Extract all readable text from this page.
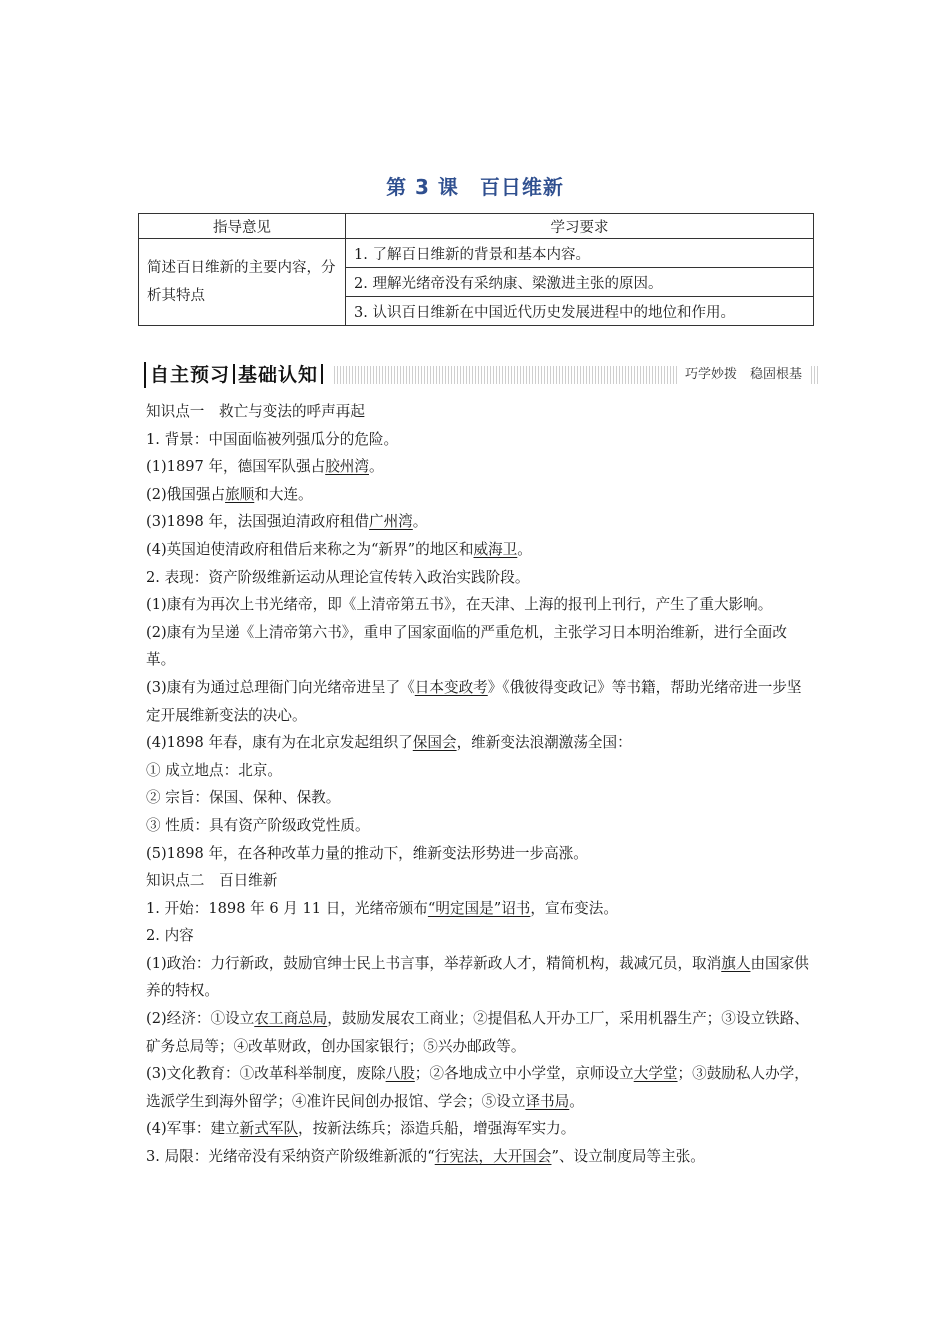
第 3 课　百日维新
指导意见	学习要求
简述百日维新的主要内容，分析其特点	1. 了解百日维新的背景和基本内容。
	2. 理解光绪帝没有采纳康、梁激进主张的原因。
	3. 认识百日维新在中国近代历史发展进程中的地位和作用。
自主预习 基础认知	巧学妙拨　稳固根基

知识点一　救亡与变法的呼声再起

1. 背景：中国面临被列强瓜分的危险。

(1)1897 年，德国军队强占胶州湾。

(2)俄国强占旅顺和大连。

(3)1898 年，法国强迫清政府租借广州湾。

(4)英国迫使清政府租借后来称之为“新界”的地区和威海卫。

2. 表现：资产阶级维新运动从理论宣传转入政治实践阶段。

(1)康有为再次上书光绪帝，即《上清帝第五书》，在天津、上海的报刊上刊行，产生了重大影响。

(2)康有为呈递《上清帝第六书》，重申了国家面临的严重危机，主张学习日本明治维新，进行全面改革。

(3)康有为通过总理衙门向光绪帝进呈了《日本变政考》《俄彼得变政记》等书籍，帮助光绪帝进一步坚定开展维新变法的决心。

(4)1898 年春，康有为在北京发起组织了保国会，维新变法浪潮激荡全国：

① 成立地点：北京。

② 宗旨：保国、保种、保教。

③ 性质：具有资产阶级政党性质。

(5)1898 年，在各种改革力量的推动下，维新变法形势进一步高涨。

知识点二　百日维新

1. 开始：1898 年 6 月 11 日，光绪帝颁布“明定国是”诏书，宣布变法。

2. 内容

(1)政治：力行新政，鼓励官绅士民上书言事，举荐新政人才，精简机构，裁减冗员，取消旗人由国家供养的特权。

(2)经济：①设立农工商总局，鼓励发展农工商业；②提倡私人开办工厂，采用机器生产；③设立铁路、矿务总局等；④改革财政，创办国家银行；⑤兴办邮政等。

(3)文化教育：①改革科举制度，废除八股；②各地成立中小学堂，京师设立大学堂；③鼓励私人办学，选派学生到海外留学；④准许民间创办报馆、学会；⑤设立译书局。

(4)军事：建立新式军队，按新法练兵；添造兵船，增强海军实力。

3. 局限：光绪帝没有采纳资产阶级维新派的“行宪法，大开国会”、设立制度局等主张。
